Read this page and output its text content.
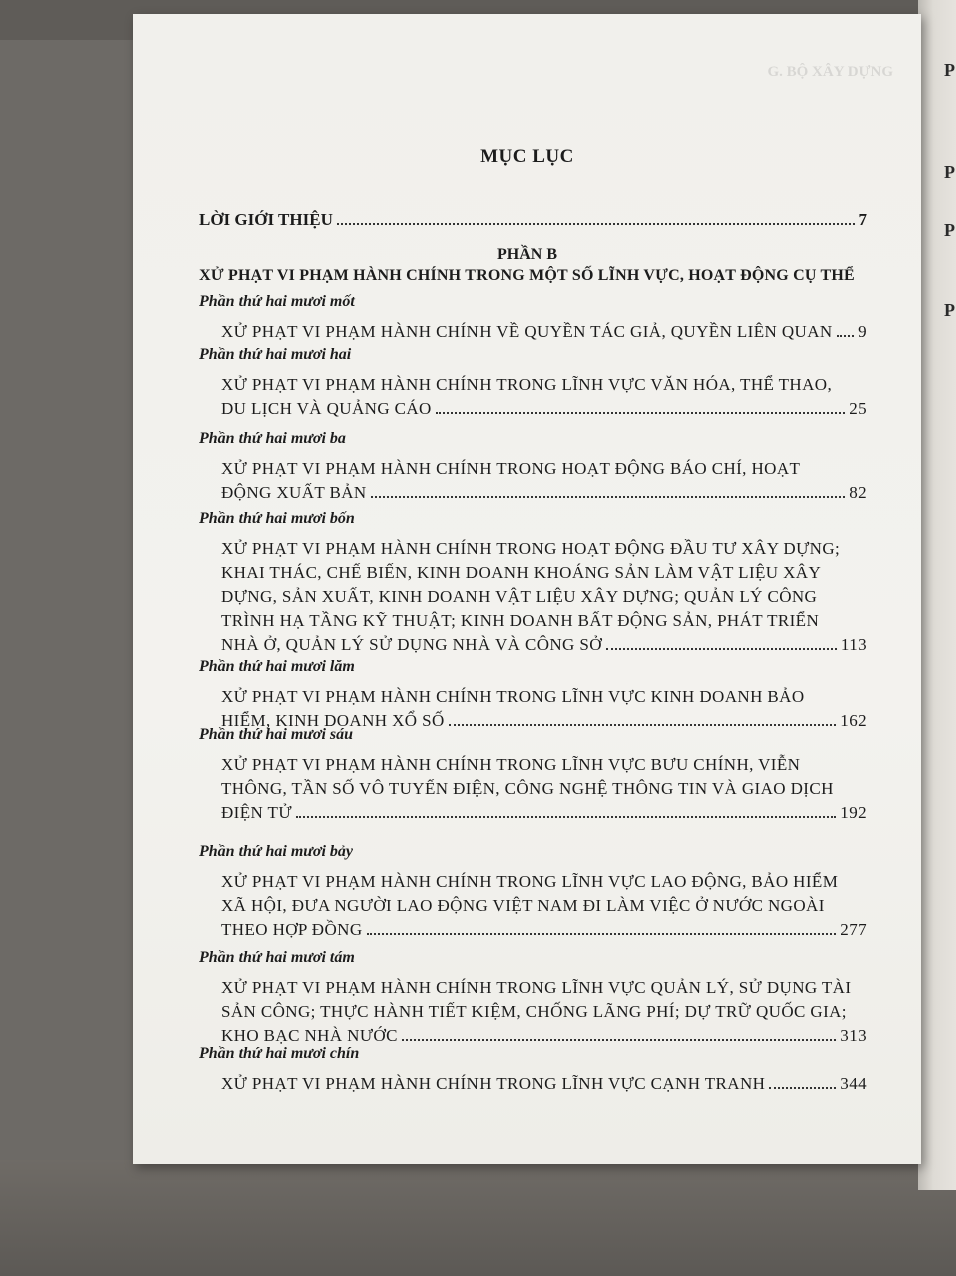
P
P
P
P
G. BỘ XÂY DỰNG
MỤC LỤC
LỜI GIỚI THIỆU	7
PHẦN B
XỬ PHẠT VI PHẠM HÀNH CHÍNH TRONG MỘT SỐ LĨNH VỰC, HOẠT ĐỘNG CỤ THỂ
Phần thứ hai mươi mốt
XỬ PHẠT VI PHẠM HÀNH CHÍNH VỀ QUYỀN TÁC GIẢ, QUYỀN LIÊN QUAN 9
Phần thứ hai mươi hai
XỬ PHẠT VI PHẠM HÀNH CHÍNH TRONG LĨNH VỰC VĂN HÓA, THỂ THAO,
DU LỊCH VÀ QUẢNG CÁO	25
Phần thứ hai mươi ba
XỬ PHẠT VI PHẠM HÀNH CHÍNH TRONG HOẠT ĐỘNG BÁO CHÍ, HOẠT
ĐỘNG XUẤT BẢN	82
Phần thứ hai mươi bốn
XỬ PHẠT VI PHẠM HÀNH CHÍNH TRONG HOẠT ĐỘNG ĐẦU TƯ XÂY DỰNG;
KHAI THÁC, CHẾ BIẾN, KINH DOANH KHOÁNG SẢN LÀM VẬT LIỆU XÂY
DỰNG, SẢN XUẤT, KINH DOANH VẬT LIỆU XÂY DỰNG; QUẢN LÝ CÔNG
TRÌNH HẠ TẦNG KỸ THUẬT; KINH DOANH BẤT ĐỘNG SẢN, PHÁT TRIỂN
NHÀ Ở, QUẢN LÝ SỬ DỤNG NHÀ VÀ CÔNG SỞ	113
Phần thứ hai mươi lăm
XỬ PHẠT VI PHẠM HÀNH CHÍNH TRONG LĨNH VỰC KINH DOANH BẢO
HIỂM, KINH DOANH XỔ SỐ	162
Phần thứ hai mươi sáu
XỬ PHẠT VI PHẠM HÀNH CHÍNH TRONG LĨNH VỰC BƯU CHÍNH, VIỄN
THÔNG, TẦN SỐ VÔ TUYẾN ĐIỆN, CÔNG NGHỆ THÔNG TIN VÀ GIAO DỊCH
ĐIỆN TỬ	192
Phần thứ hai mươi bảy
XỬ PHẠT VI PHẠM HÀNH CHÍNH TRONG LĨNH VỰC LAO ĐỘNG, BẢO HIỂM
XÃ HỘI, ĐƯA NGƯỜI LAO ĐỘNG VIỆT NAM ĐI LÀM VIỆC Ở NƯỚC NGOÀI
THEO HỢP ĐỒNG	277
Phần thứ hai mươi tám
XỬ PHẠT VI PHẠM HÀNH CHÍNH TRONG LĨNH VỰC QUẢN LÝ, SỬ DỤNG TÀI
SẢN CÔNG; THỰC HÀNH TIẾT KIỆM, CHỐNG LÃNG PHÍ; DỰ TRỮ QUỐC GIA;
KHO BẠC NHÀ NƯỚC	313
Phần thứ hai mươi chín
XỬ PHẠT VI PHẠM HÀNH CHÍNH TRONG LĨNH VỰC CẠNH TRANH	344
